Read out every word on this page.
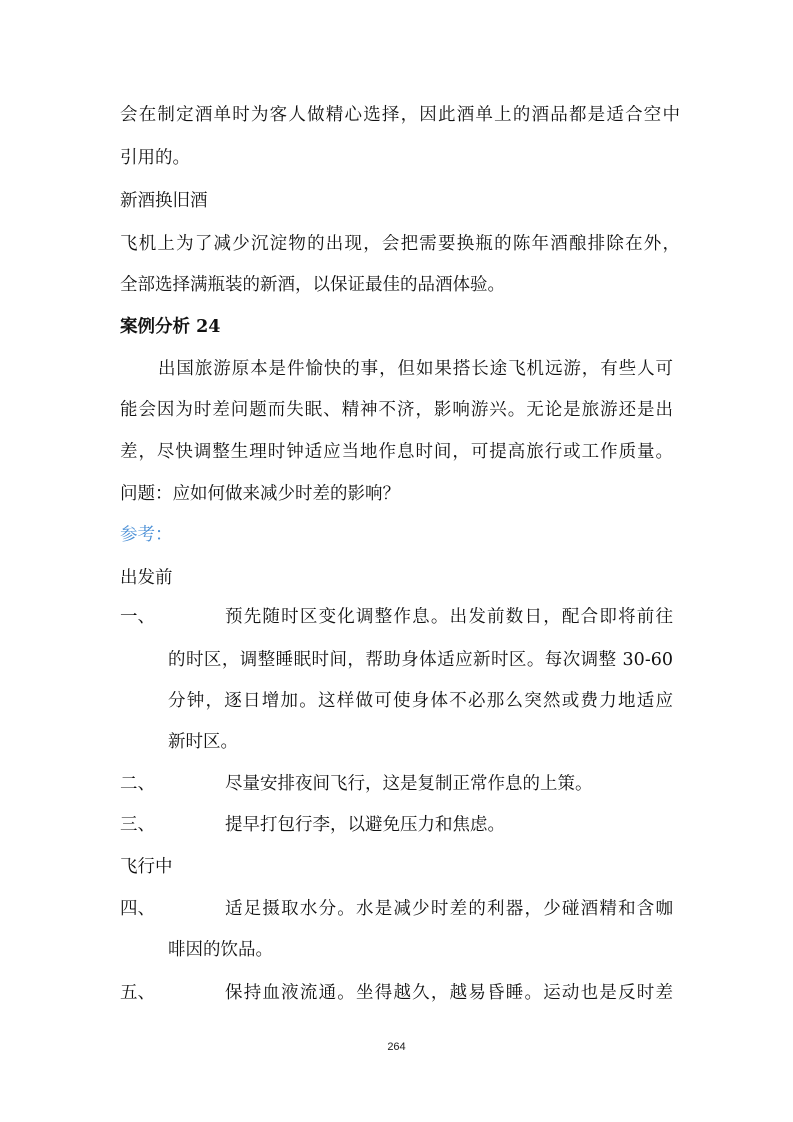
会在制定酒单时为客人做精心选择，因此酒单上的酒品都是适合空中
引用的。
新酒换旧酒
飞机上为了减少沉淀物的出现，会把需要换瓶的陈年酒酿排除在外，
全部选择满瓶装的新酒，以保证最佳的品酒体验。
案例分析 24
出国旅游原本是件愉快的事，但如果搭长途飞机远游，有些人可
能会因为时差问题而失眠、精神不济，影响游兴。无论是旅游还是出
差，尽快调整生理时钟适应当地作息时间，可提高旅行或工作质量。
问题：应如何做来减少时差的影响？
参考：
出发前
一、	预先随时区变化调整作息。出发前数日，配合即将前往
的时区，调整睡眠时间，帮助身体适应新时区。每次调整 30-60
分钟，逐日增加。这样做可使身体不必那么突然或费力地适应
新时区。
二、	尽量安排夜间飞行，这是复制正常作息的上策。
三、	提早打包行李，以避免压力和焦虑。
飞行中
四、	适足摄取水分。水是减少时差的利器，少碰酒精和含咖
啡因的饮品。
五、	保持血液流通。坐得越久，越易昏睡。运动也是反时差
264
